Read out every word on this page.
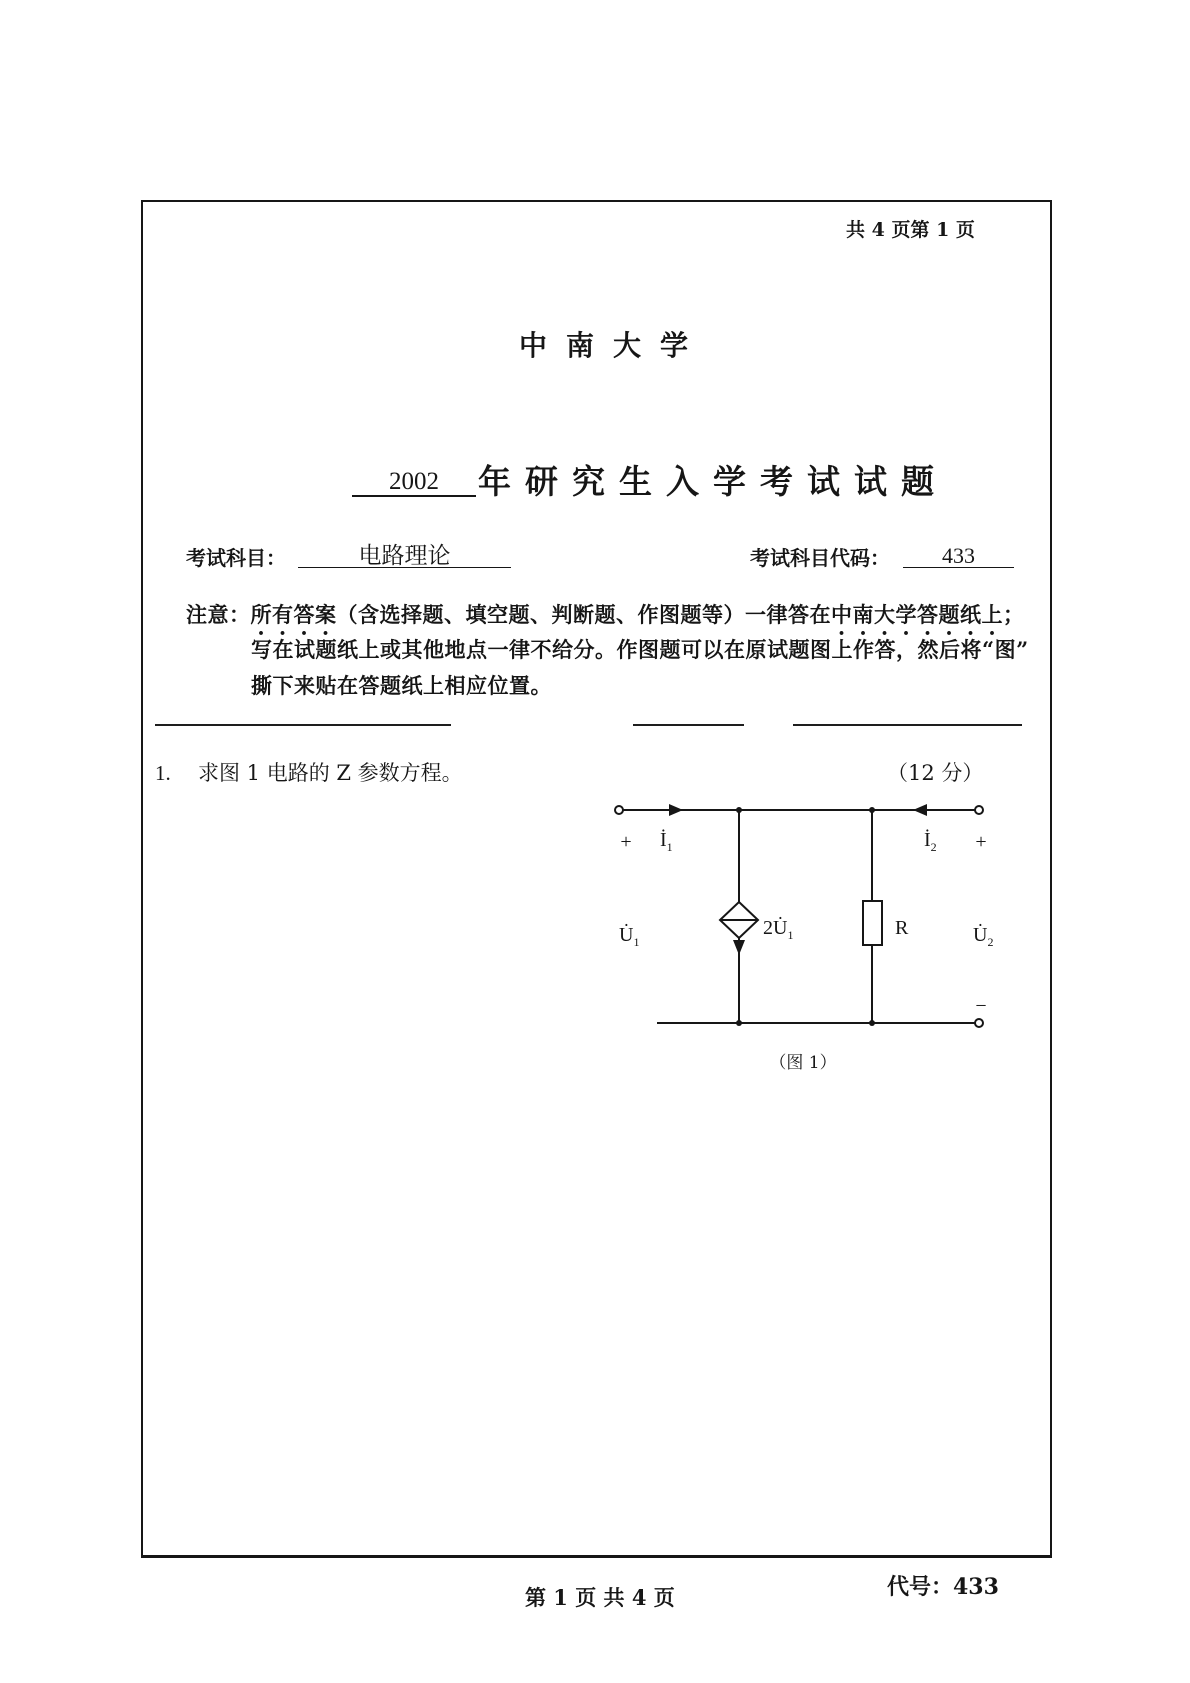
共 4 页第 1 页
中南大学
2002	年研究生入学考试试题
考试科目：	电路理论	考试科目代码：	433
注意：所有答案（含选择题、填空题、判断题、作图题等）一律答在中南大学答题纸上；
写在试题纸上或其他地点一律不给分。作图题可以在原试题图上作答，然后将“图”
撕下来贴在答题纸上相应位置。
1. 求图 1 电路的 Z 参数方程。	（12 分）
+ $İ_1$	$İ_2$ +
$U̇_1$
$2U̇_1$	R	$U̇_2$
−
（图 1）
第 1 页 共 4 页	代号：433
